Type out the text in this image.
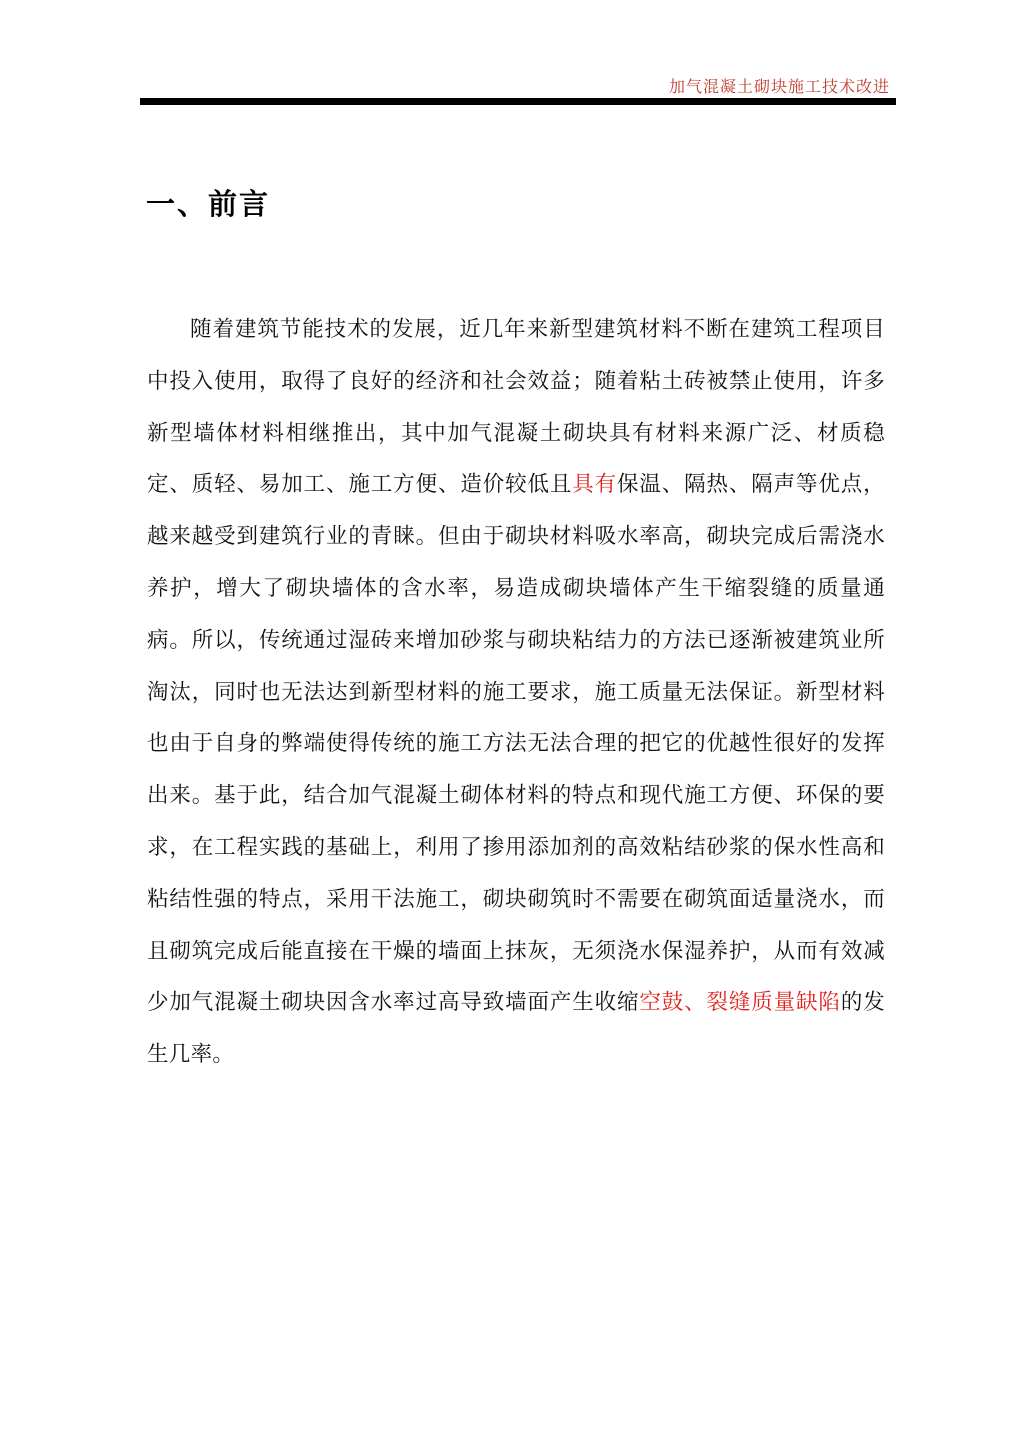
加气混凝土砌块施工技术改进
一、前言

随着建筑节能技术的发展，近几年来新型建筑材料不断在建筑工程项目中投入使用，取得了良好的经济和社会效益；随着粘土砖被禁止使用，许多新型墙体材料相继推出，其中加气混凝土砌块具有材料来源广泛、材质稳定、质轻、易加工、施工方便、造价较低且具有保温、隔热、隔声等优点，越来越受到建筑行业的青睐。但由于砌块材料吸水率高，砌块完成后需浇水养护，增大了砌块墙体的含水率，易造成砌块墙体产生干缩裂缝的质量通病。所以，传统通过湿砖来增加砂浆与砌块粘结力的方法已逐渐被建筑业所淘汰，同时也无法达到新型材料的施工要求，施工质量无法保证。新型材料也由于自身的弊端使得传统的施工方法无法合理的把它的优越性很好的发挥出来。基于此，结合加气混凝土砌体材料的特点和现代施工方便、环保的要求，在工程实践的基础上，利用了掺用添加剂的高效粘结砂浆的保水性高和粘结性强的特点，采用干法施工，砌块砌筑时不需要在砌筑面适量浇水，而且砌筑完成后能直接在干燥的墙面上抹灰，无须浇水保湿养护，从而有效减少加气混凝土砌块因含水率过高导致墙面产生收缩空鼓、裂缝质量缺陷的发生几率。
